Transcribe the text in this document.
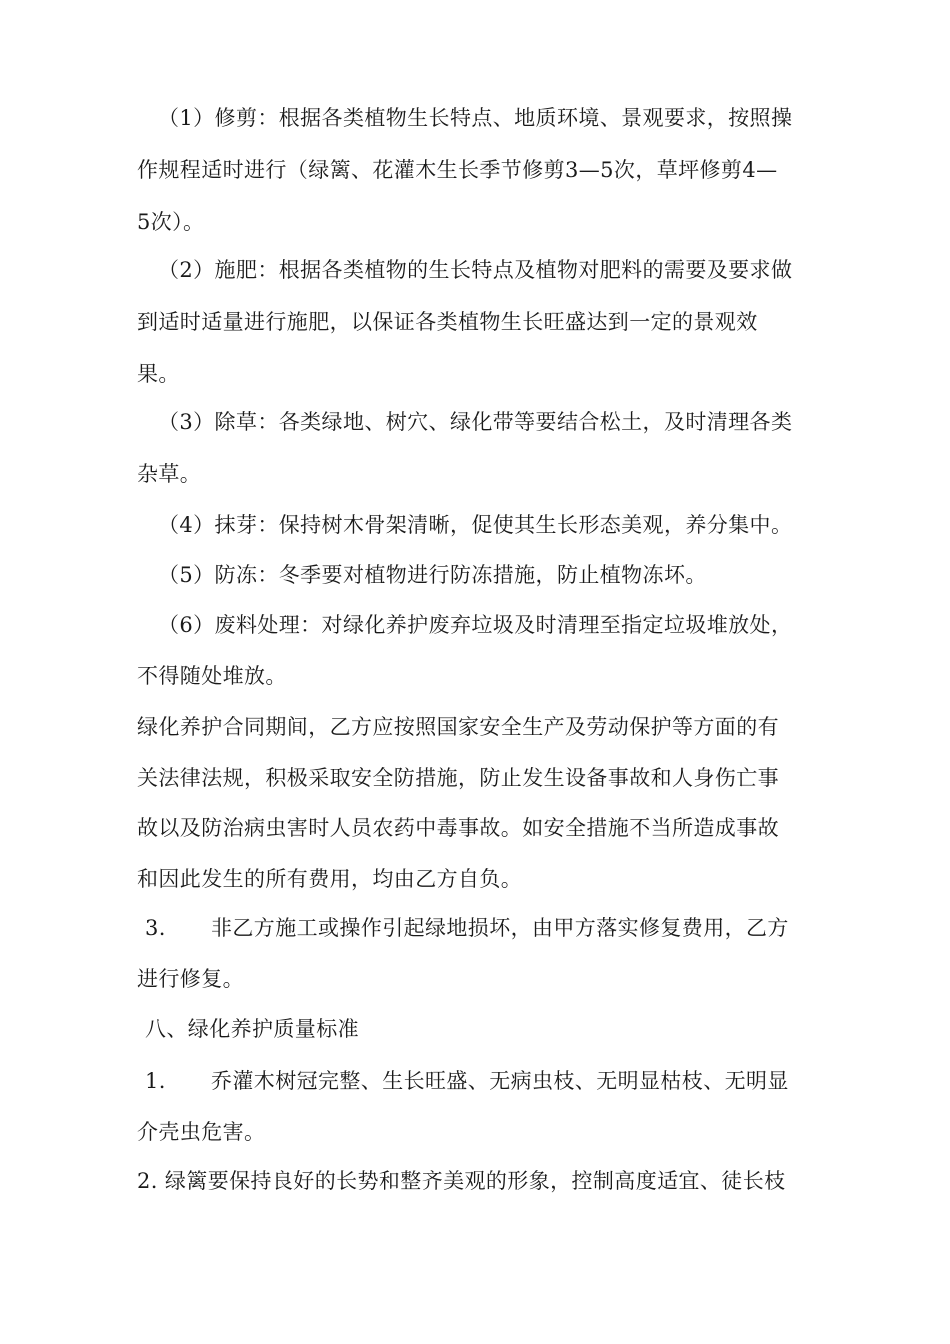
（1）修剪：根据各类植物生长特点、地质环境、景观要求，按照操
作规程适时进行（绿篱、花灌木生长季节修剪3—5次，草坪修剪4—
5次）。
（2）施肥：根据各类植物的生长特点及植物对肥料的需要及要求做
到适时适量进行施肥，以保证各类植物生长旺盛达到一定的景观效
果。
（3）除草：各类绿地、树穴、绿化带等要结合松土，及时清理各类
杂草。
（4）抹芽：保持树木骨架清晰，促使其生长形态美观，养分集中。
（5）防冻：冬季要对植物进行防冻措施，防止植物冻坏。
（6）废料处理：对绿化养护废弃垃圾及时清理至指定垃圾堆放处，
不得随处堆放。
绿化养护合同期间，乙方应按照国家安全生产及劳动保护等方面的有
关法律法规，积极采取安全防措施，防止发生设备事故和人身伤亡事
故以及防治病虫害时人员农药中毒事故。如安全措施不当所造成事故
和因此发生的所有费用，均由乙方自负。
3. 非乙方施工或操作引起绿地损坏，由甲方落实修复费用，乙方
进行修复。
八、绿化养护质量标准
1. 乔灌木树冠完整、生长旺盛、无病虫枝、无明显枯枝、无明显
介壳虫危害。
2. 绿篱要保持良好的长势和整齐美观的形象，控制高度适宜、徒长枝
